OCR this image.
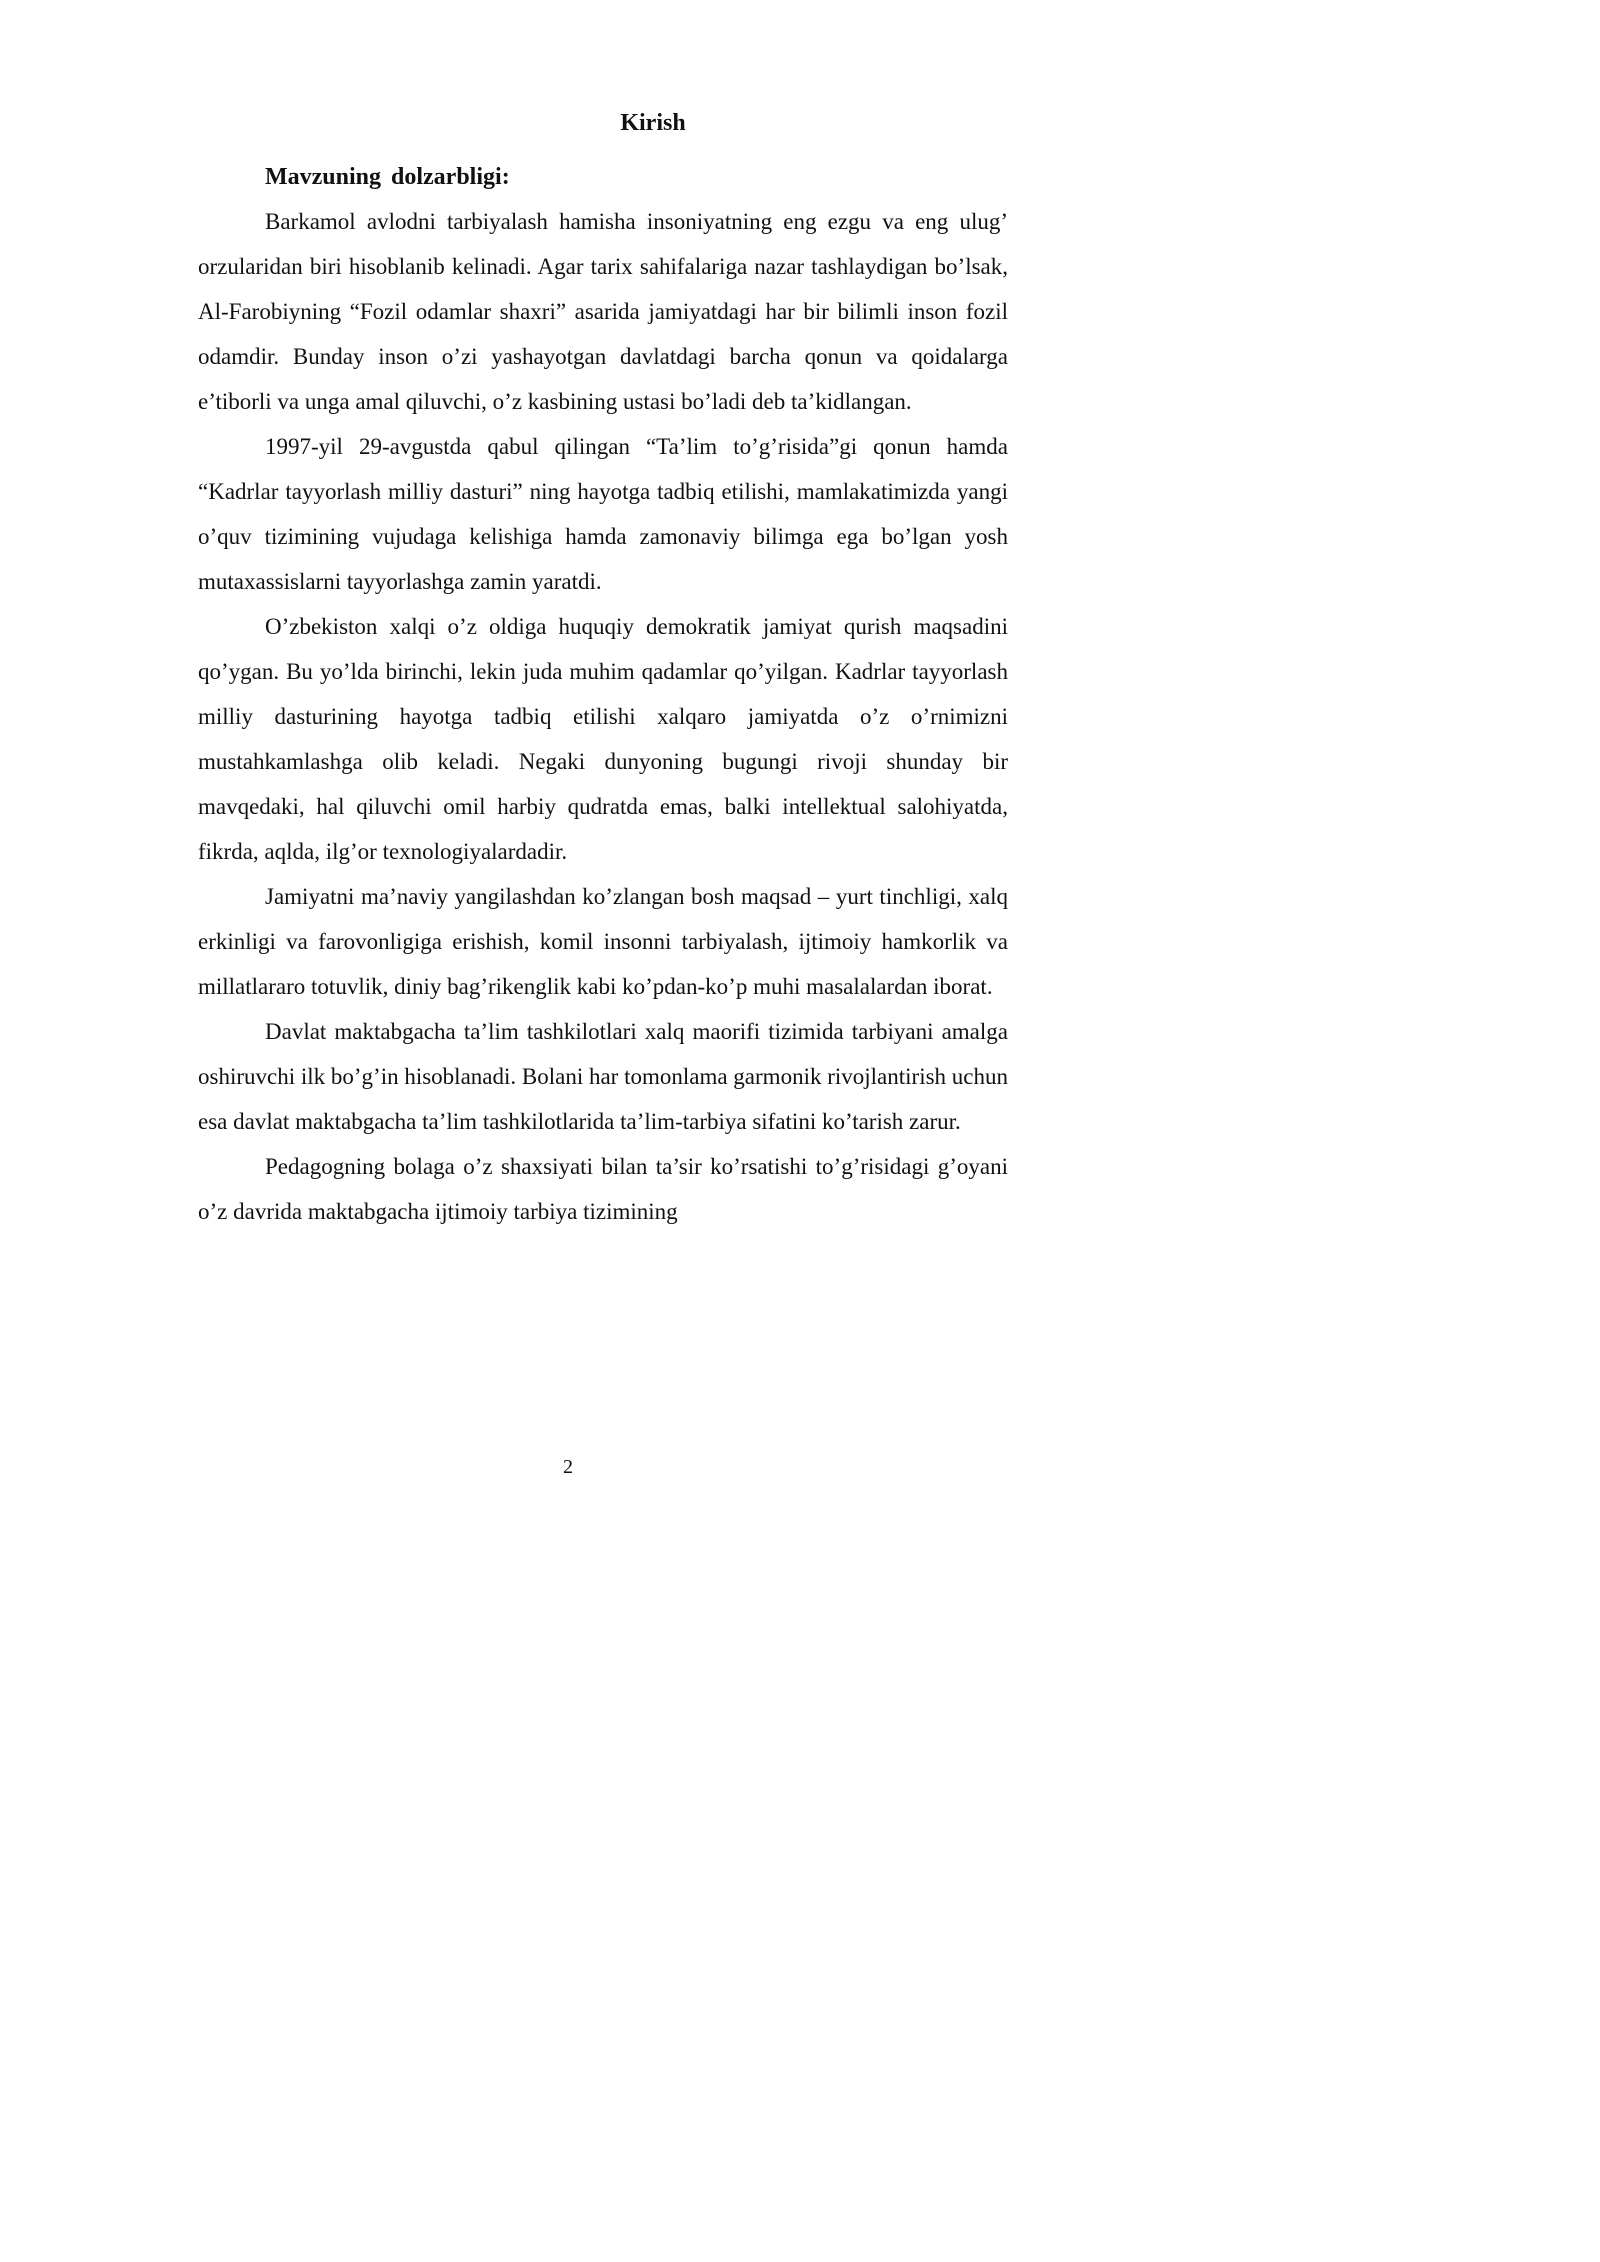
Kirish
Mavzuning dolzarbligi:

Barkamol avlodni tarbiyalash hamisha insoniyatning eng ezgu va eng ulug’ orzularidan biri hisoblanib kelinadi. Agar tarix sahifalariga nazar tashlaydigan bo’lsak, Al-Farobiyning “Fozil odamlar shaxri” asarida jamiyatdagi har bir bilimli inson fozil odamdir. Bunday inson o’zi yashayotgan davlatdagi barcha qonun va qoidalarga e’tiborli va unga amal qiluvchi, o’z kasbining ustasi bo’ladi deb ta’kidlangan.

1997-yil 29-avgustda qabul qilingan “Ta’lim to’g’risida”gi qonun hamda “Kadrlar tayyorlash milliy dasturi” ning hayotga tadbiq etilishi, mamlakatimizda yangi o’quv tizimining vujudaga kelishiga hamda zamonaviy bilimga ega bo’lgan yosh mutaxassislarni tayyorlashga zamin yaratdi.

O’zbekiston xalqi o’z oldiga huquqiy demokratik jamiyat qurish maqsadini qo’ygan. Bu yo’lda birinchi, lekin juda muhim qadamlar qo’yilgan. Kadrlar tayyorlash milliy dasturining hayotga tadbiq etilishi xalqaro jamiyatda o’z o’rnimizni mustahkamlashga olib keladi. Negaki dunyoning bugungi rivoji shunday bir mavqedaki, hal qiluvchi omil harbiy qudratda emas, balki intellektual salohiyatda, fikrda, aqlda, ilg’or texnologiyalardadir.

Jamiyatni ma’naviy yangilashdan ko’zlangan bosh maqsad – yurt tinchligi, xalq erkinligi va farovonligiga erishish, komil insonni tarbiyalash, ijtimoiy hamkorlik va millatlararo totuvlik, diniy bag’rikenglik kabi ko’pdan-ko’p muhi masalalardan iborat.

Davlat maktabgacha ta’lim tashkilotlari xalq maorifi tizimida tarbiyani amalga oshiruvchi ilk bo’g’in hisoblanadi. Bolani har tomonlama garmonik rivojlantirish uchun esa davlat maktabgacha ta’lim tashkilotlarida ta’lim-tarbiya sifatini ko’tarish zarur.

Pedagogning bolaga o’z shaxsiyati bilan ta’sir ko’rsatishi to’g’risidagi g’oyani o’z davrida maktabgacha ijtimoiy tarbiya tizimining

2
